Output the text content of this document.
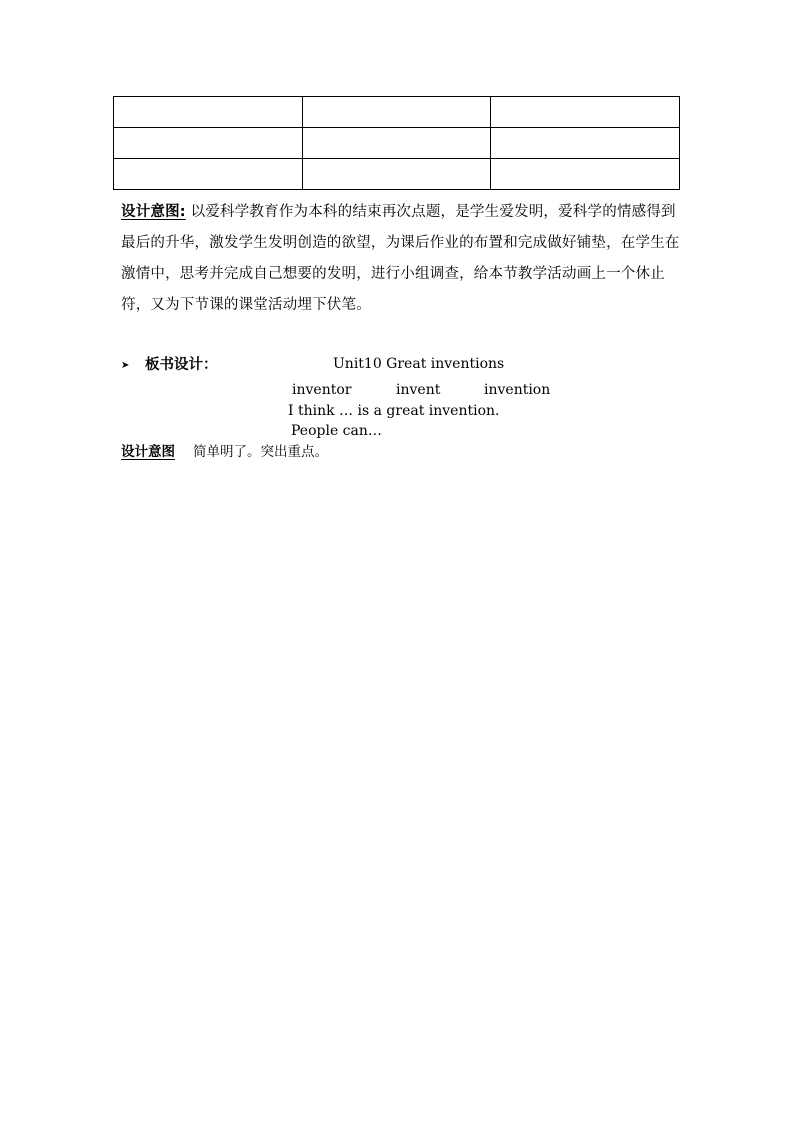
设计意图: 以爱科学教育作为本科的结束再次点题，是学生爱发明，爱科学的情感得到最后的升华，激发学生发明创造的欲望，为课后作业的布置和完成做好铺垫，在学生在激情中，思考并完成自己想要的发明，进行小组调查，给本节教学活动画上一个休止符，又为下节课的课堂活动埋下伏笔。
➤ 板书设计：	Unit10 Great inventions
inventor	invent	invention
I think … is a great invention.
People can…
设计意图 简单明了。突出重点。
